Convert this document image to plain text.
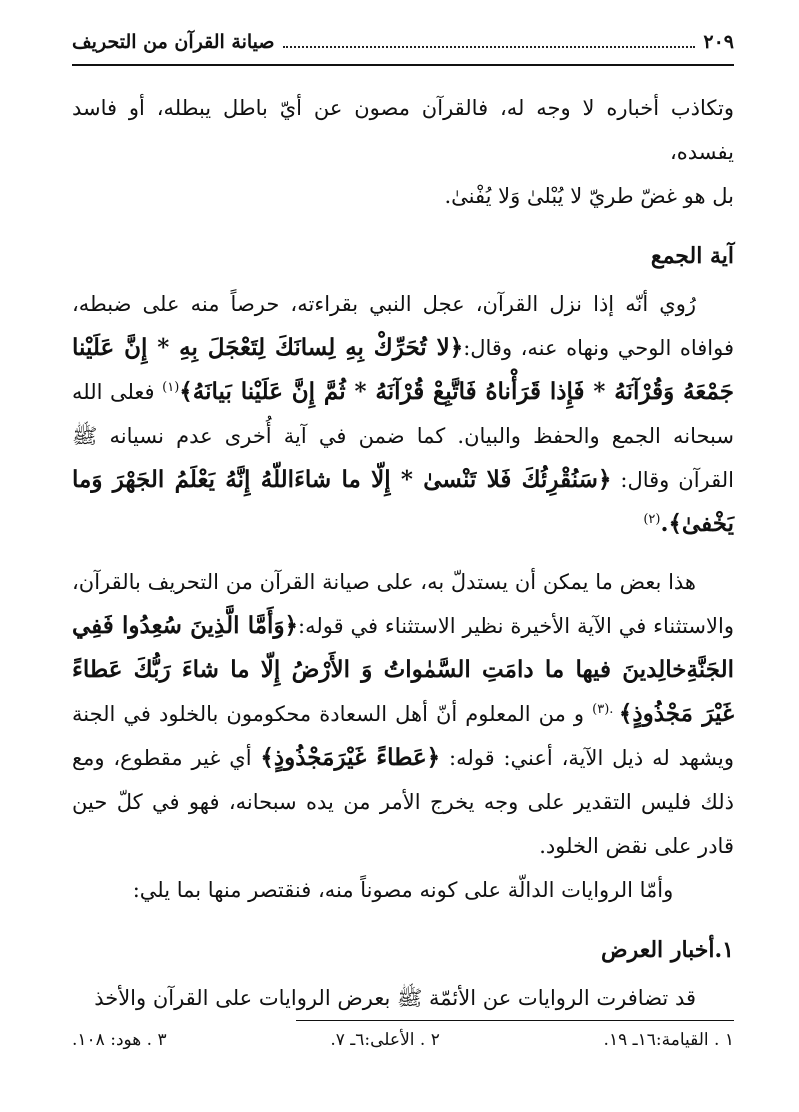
صيانة القرآن من التحريف	٢٠٩

وتكاذب أخباره لا وجه له، فالقرآن مصون عن أيّ باطل يبطله، أو فاسد يفسده،

بل هو غضّ طريّ لا يُبْلىٰ وَلا يُفْنىٰ.

آية الجمع

رُوي أنّه إذا نزل القرآن، عجل النبي بقراءته، حرصاً منه على ضبطه، فوافاه الوحي ونهاه عنه، وقال:﴿لا تُحَرِّكْ بِهِ لِسانَكَ لِتَعْجَلَ بِهِ * إِنَّ عَلَيْنا جَمْعَهُ وَقُرْآنَهُ * فَإِذا قَرَأْناهُ فَاتَّبِعْ قُرْآنَهُ * ثُمَّ إِنَّ عَلَيْنا بَيانَهُ﴾$^{(١)}$ فعلى الله سبحانه الجمع والحفظ والبيان. كما ضمن في آية أُخرى عدم نسيانه ﷺ القرآن وقال: ﴿سَنُقْرِئُكَ فَلا تَنْسىٰ * إِلّا ما شاءَاللّهُ إِنَّهُ يَعْلَمُ الجَهْرَ وَما يَخْفىٰ﴾.$^{(٢)}$

هذا بعض ما يمكن أن يستدلّ به، على صيانة القرآن من التحريف بالقرآن، والاستثناء في الآية الأخيرة نظير الاستثناء في قوله:﴿وَأَمَّا الَّذِينَ سُعِدُوا فَفِي الجَنَّةِخالِدينَ فيها ما دامَتِ السَّمٰواتُ وَ الأَرْضُ إِلّا ما شاءَ رَبُّكَ عَطاءً غَيْرَ مَجْذُوذٍ﴾ $^{.(٣)}$ و من المعلوم أنّ أهل السعادة محكومون بالخلود في الجنة ويشهد له ذيل الآية، أعني: قوله: ﴿عَطاءً غَيْرَمَجْذُوذٍ﴾ أي غير مقطوع، ومع ذلك فليس التقدير على وجه يخرج الأمر من يده سبحانه، فهو في كلّ حين قادر على نقض الخلود.

وأمّا الروايات الدالّة على كونه مصوناً منه، فنقتصر منها بما يلي:

١.أخبار العرض

قد تضافرت الروايات عن الأئمّة ﷺ بعرض الروايات على القرآن والأخذ

١ . القيامة:١٦ـ ١٩.
٢ . الأعلى:٦ـ ٧.
٣ . هود: ١٠٨.
